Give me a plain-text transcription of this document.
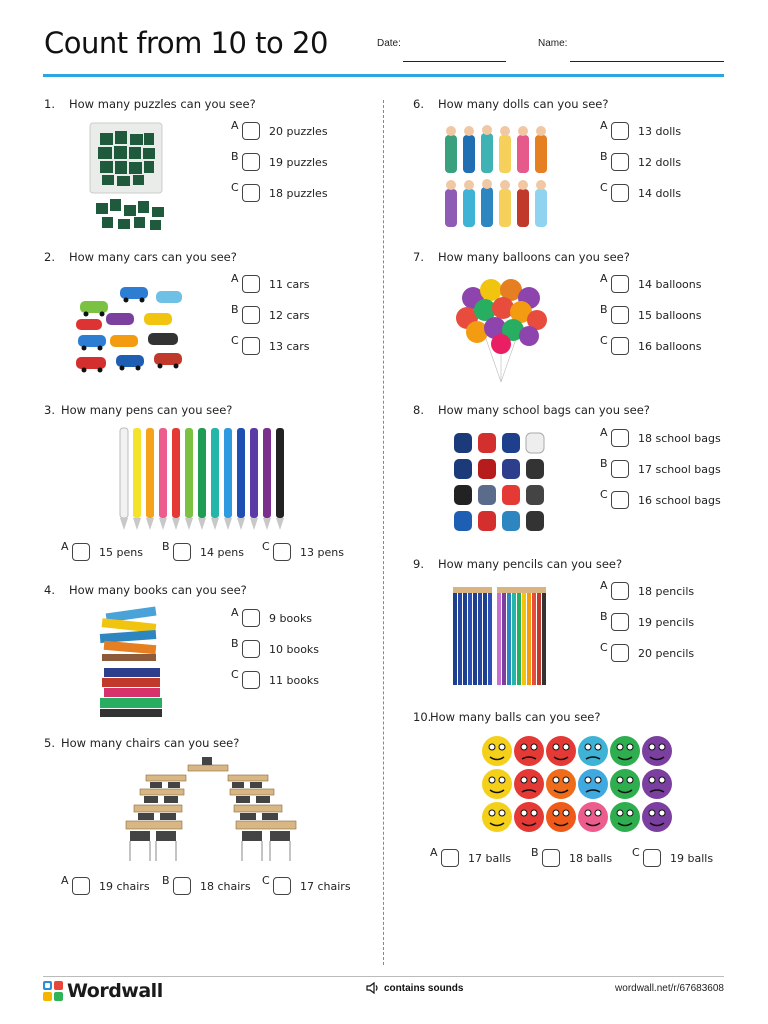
Count from 10 to 20	Date:	Name:
1. How many puzzles can you see?
A	20 puzzles
B	19 puzzles
C	18 puzzles
2. How many cars can you see?
A	11 cars
B	12 cars
C	13 cars
3. How many pens can you see?
A	15 pens B	14 pens C	13 pens
4. How many books can you see?
A	9 books
B	10 books
C	11 books
5. How many chairs can you see?
A	19 chairs B	18 chairs C	17 chairs
6. How many dolls can you see?
A	13 dolls
B	12 dolls
C	14 dolls
7. How many balloons can you see?
A	14 balloons
B	15 balloons
C	16 balloons
8. How many school bags can you see?
A	18 school bags
B	17 school bags
C	16 school bags
9. How many pencils can you see?
A	18 pencils
B	19 pencils
C	20 pencils
10.How many balls can you see?
A	17 balls B	18 balls C	19 balls
Wordwall	contains sounds	wordwall.net/r/67683608
